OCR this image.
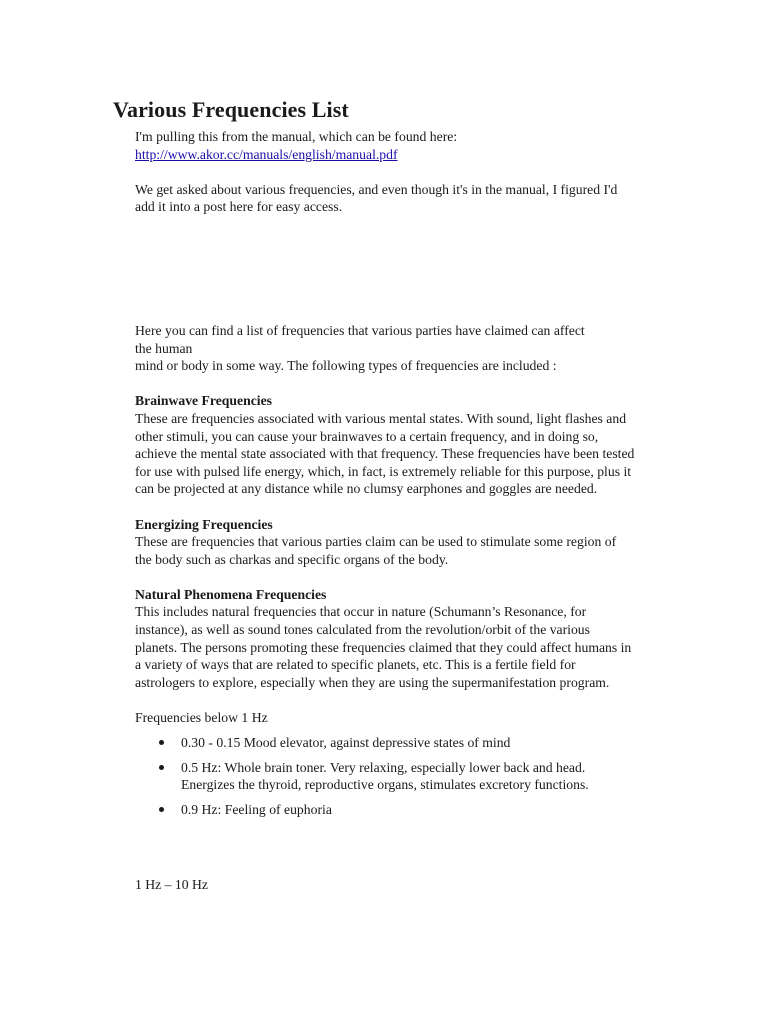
Various Frequencies List

I'm pulling this from the manual, which can be found here:

http://www.akor.cc/manuals/english/manual.pdf

We get asked about various frequencies, and even though it's in the manual, I figured I'd add it into a post here for easy access.

Here you can find a list of frequencies that various parties have claimed can affect

the human

mind or body in some way. The following types of frequencies are included :

Brainwave Frequencies

These are frequencies associated with various mental states. With sound, light flashes and other stimuli, you can cause your brainwaves to a certain frequency, and in doing so, achieve the mental state associated with that frequency. These frequencies have been tested for use with pulsed life energy, which, in fact, is extremely reliable for this purpose, plus it can be projected at any distance while no clumsy earphones and goggles are needed.

Energizing Frequencies

These are frequencies that various parties claim can be used to stimulate some region of the body such as charkas and specific organs of the body.

Natural Phenomena Frequencies

This includes natural frequencies that occur in nature (Schumann’s Resonance, for instance), as well as sound tones calculated from the revolution/orbit of the various planets. The persons promoting these frequencies claimed that they could affect humans in a variety of ways that are related to specific planets, etc. This is a fertile field for astrologers to explore, especially when they are using the supermanifestation program.

Frequencies below 1 Hz

0.30 - 0.15 Mood elevator, against depressive states of mind
0.5 Hz: Whole brain toner. Very relaxing, especially lower back and head. Energizes the thyroid, reproductive organs, stimulates excretory functions.
0.9 Hz: Feeling of euphoria
1 Hz – 10 Hz
